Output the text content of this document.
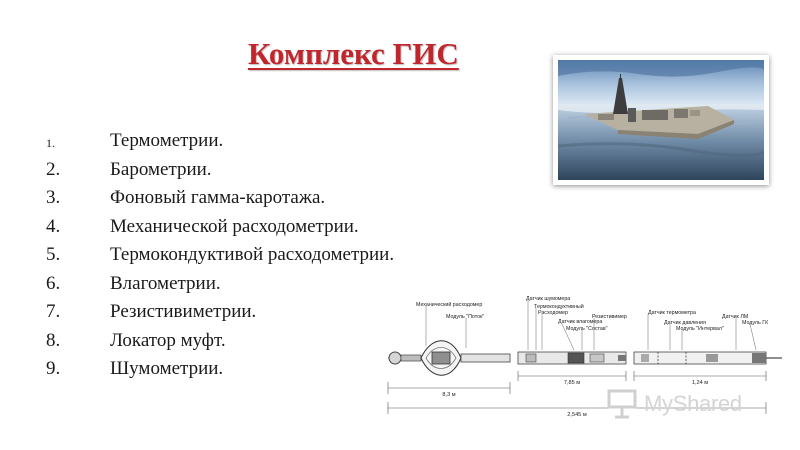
Комплекс ГИС
1.	Термометрии.
2.	Барометрии.
3.	Фоновый гамма-каротажа.
4.	Механической расходометрии.
5.	Термокондуктивой расходометрии.
6.	Влагометрии.
7.	Резистивиметрии.
8.	Локатор муфт.
9.	Шумометрии.
Механический расходомер
Модуль "Поток"
Датчик шумомера
Термокондуктивный
Расходомер
Датчик влагомера
Резистивимер
Модуль "Состав"
Датчик термометра
Датчик давления
Датчик ЛМ
Модуль "Интервал"
Модуль ГК
8,3 м
7,85 м	1,24 м
2,545 м	MyShared
